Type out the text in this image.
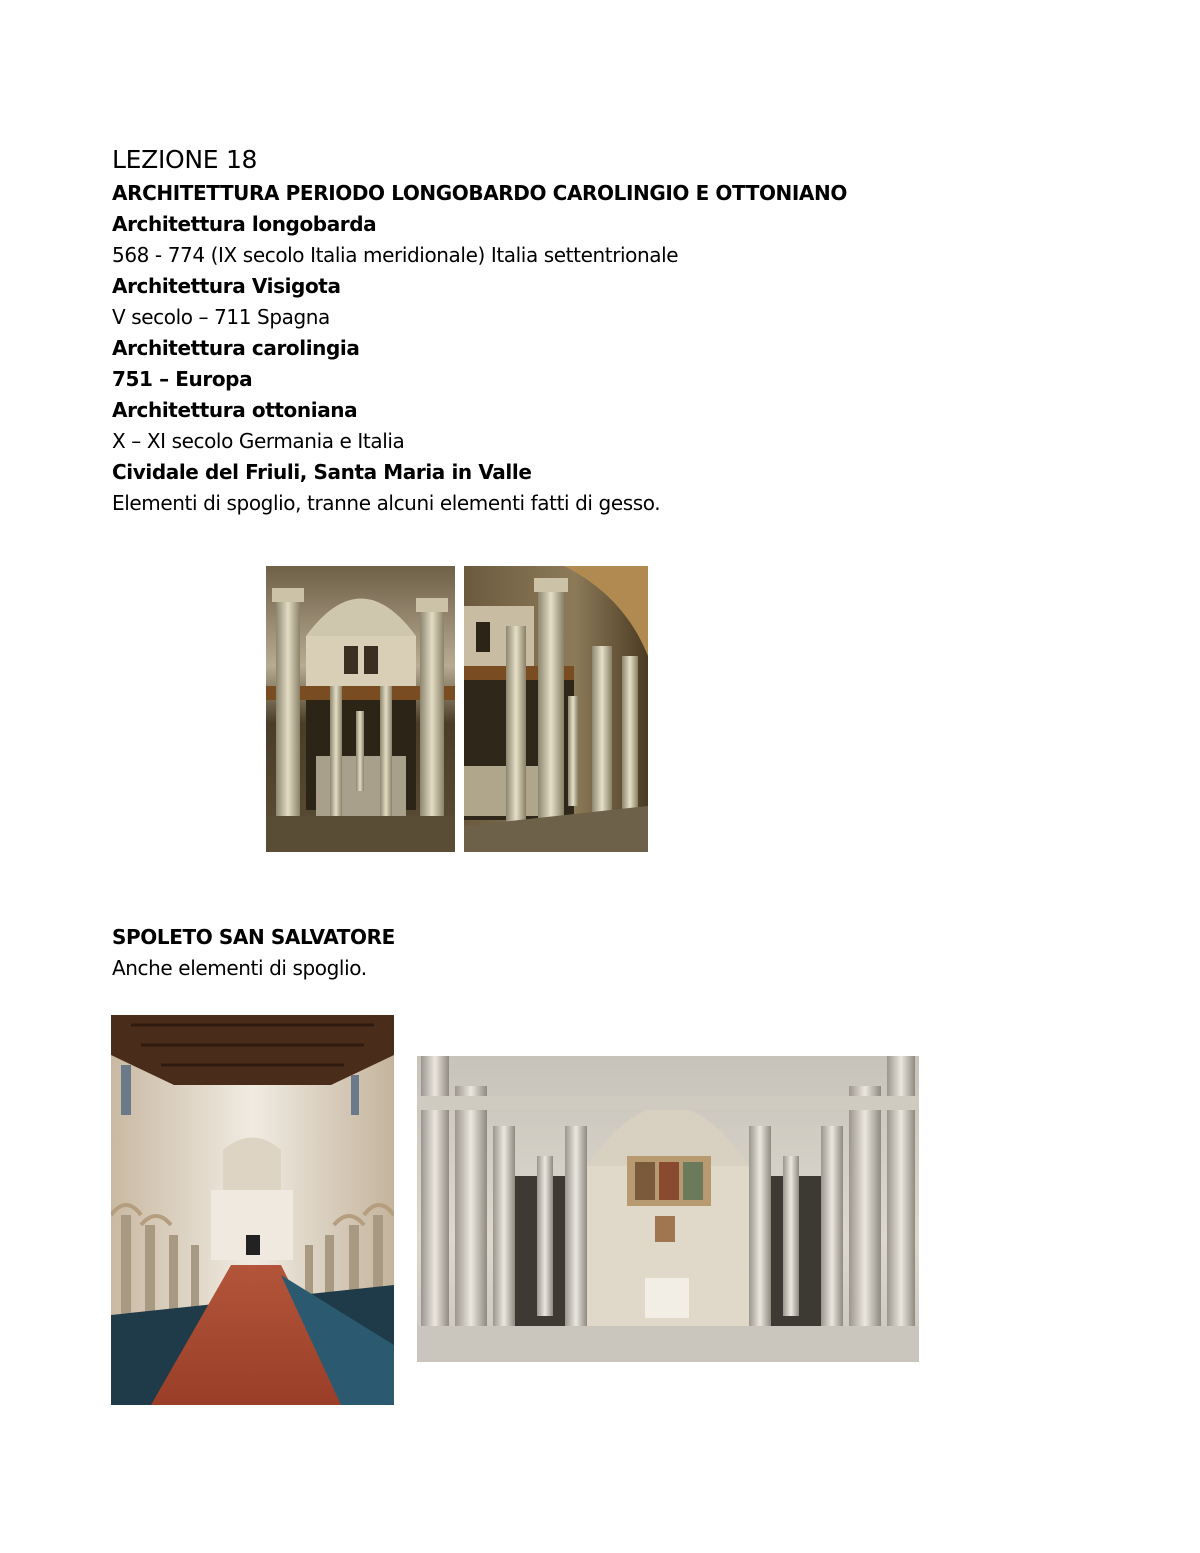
LEZIONE 18

ARCHITETTURA PERIODO LONGOBARDO CAROLINGIO E OTTONIANO

Architettura longobarda

568 - 774 (IX secolo Italia meridionale) Italia settentrionale

Architettura Visigota

V secolo – 711 Spagna

Architettura carolingia

751 – Europa

Architettura ottoniana

X – XI secolo Germania e Italia

Cividale del Friuli, Santa Maria in Valle

Elementi di spoglio, tranne alcuni elementi fatti di gesso.

SPOLETO SAN SALVATORE

Anche elementi di spoglio.
